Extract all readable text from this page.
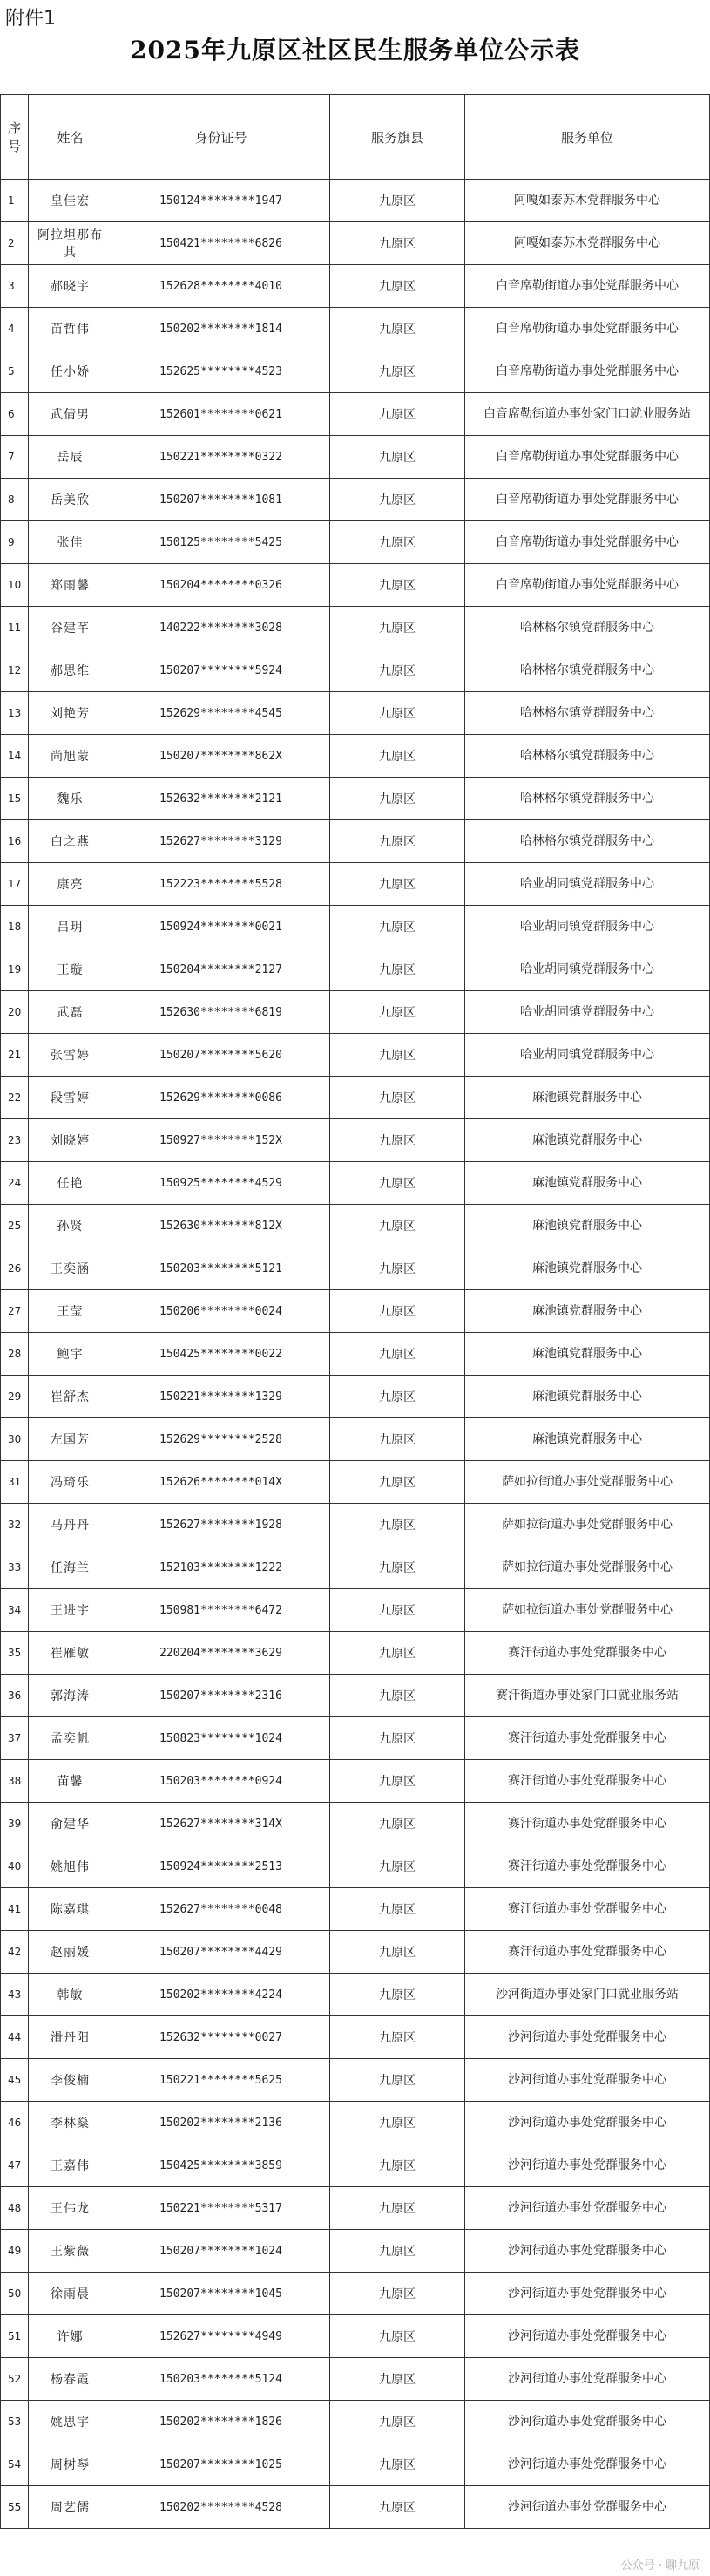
附件1
2025年九原区社区民生服务单位公示表
序号	姓名	身份证号	服务旗县	服务单位
1	皇佳宏	150124********1947	九原区	阿嘎如泰苏木党群服务中心
2	阿拉坦那布其	150421********6826	九原区	阿嘎如泰苏木党群服务中心
3	郝晓宇	152628********4010	九原区	白音席勒街道办事处党群服务中心
4	苗哲伟	150202********1814	九原区	白音席勒街道办事处党群服务中心
5	任小娇	152625********4523	九原区	白音席勒街道办事处党群服务中心
6	武倩男	152601********0621	九原区	白音席勒街道办事处家门口就业服务站
7	岳辰	150221********0322	九原区	白音席勒街道办事处党群服务中心
8	岳美欣	150207********1081	九原区	白音席勒街道办事处党群服务中心
9	张佳	150125********5425	九原区	白音席勒街道办事处党群服务中心
10	郑雨馨	150204********0326	九原区	白音席勒街道办事处党群服务中心
11	谷建芊	140222********3028	九原区	哈林格尔镇党群服务中心
12	郝思维	150207********5924	九原区	哈林格尔镇党群服务中心
13	刘艳芳	152629********4545	九原区	哈林格尔镇党群服务中心
14	尚旭蒙	150207********862X	九原区	哈林格尔镇党群服务中心
15	魏乐	152632********2121	九原区	哈林格尔镇党群服务中心
16	白之燕	152627********3129	九原区	哈林格尔镇党群服务中心
17	康亮	152223********5528	九原区	哈业胡同镇党群服务中心
18	吕玥	150924********0021	九原区	哈业胡同镇党群服务中心
19	王璇	150204********2127	九原区	哈业胡同镇党群服务中心
20	武磊	152630********6819	九原区	哈业胡同镇党群服务中心
21	张雪婷	150207********5620	九原区	哈业胡同镇党群服务中心
22	段雪婷	152629********0086	九原区	麻池镇党群服务中心
23	刘晓婷	150927********152X	九原区	麻池镇党群服务中心
24	任艳	150925********4529	九原区	麻池镇党群服务中心
25	孙贤	152630********812X	九原区	麻池镇党群服务中心
26	王奕涵	150203********5121	九原区	麻池镇党群服务中心
27	王莹	150206********0024	九原区	麻池镇党群服务中心
28	鲍宇	150425********0022	九原区	麻池镇党群服务中心
29	崔舒杰	150221********1329	九原区	麻池镇党群服务中心
30	左国芳	152629********2528	九原区	麻池镇党群服务中心
31	冯琦乐	152626********014X	九原区	萨如拉街道办事处党群服务中心
32	马丹丹	152627********1928	九原区	萨如拉街道办事处党群服务中心
33	任海兰	152103********1222	九原区	萨如拉街道办事处党群服务中心
34	王进宇	150981********6472	九原区	萨如拉街道办事处党群服务中心
35	崔雁敏	220204********3629	九原区	赛汗街道办事处党群服务中心
36	郭海涛	150207********2316	九原区	赛汗街道办事处家门口就业服务站
37	孟奕帆	150823********1024	九原区	赛汗街道办事处党群服务中心
38	苗馨	150203********0924	九原区	赛汗街道办事处党群服务中心
39	俞建华	152627********314X	九原区	赛汗街道办事处党群服务中心
40	姚旭伟	150924********2513	九原区	赛汗街道办事处党群服务中心
41	陈嘉琪	152627********0048	九原区	赛汗街道办事处党群服务中心
42	赵丽媛	150207********4429	九原区	赛汗街道办事处党群服务中心
43	韩敏	150202********4224	九原区	沙河街道办事处家门口就业服务站
44	滑丹阳	152632********0027	九原区	沙河街道办事处党群服务中心
45	李俊楠	150221********5625	九原区	沙河街道办事处党群服务中心
46	李林燊	150202********2136	九原区	沙河街道办事处党群服务中心
47	王嘉伟	150425********3859	九原区	沙河街道办事处党群服务中心
48	王伟龙	150221********5317	九原区	沙河街道办事处党群服务中心
49	王紫薇	150207********1024	九原区	沙河街道办事处党群服务中心
50	徐雨晨	150207********1045	九原区	沙河街道办事处党群服务中心
51	许娜	152627********4949	九原区	沙河街道办事处党群服务中心
52	杨春霞	150203********5124	九原区	沙河街道办事处党群服务中心
53	姚思宇	150202********1826	九原区	沙河街道办事处党群服务中心
54	周树琴	150207********1025	九原区	沙河街道办事处党群服务中心
55	周艺儒	150202********4528	九原区	沙河街道办事处党群服务中心
公众号 · 聊九原
